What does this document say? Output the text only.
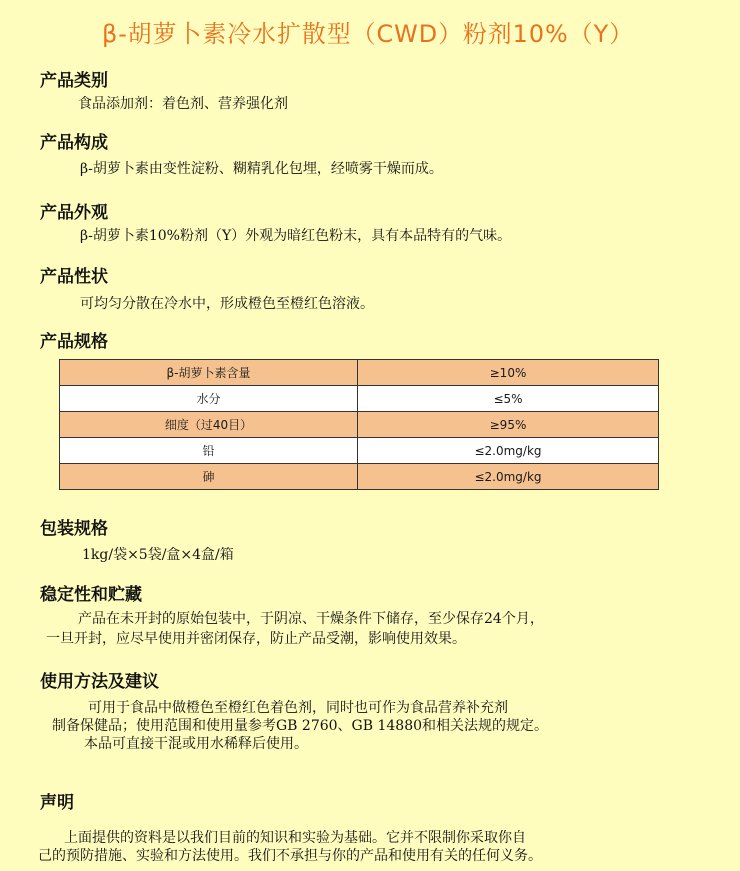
β-胡萝卜素冷水扩散型（CWD）粉剂10%（Y）
产品类别
食品添加剂：着色剂、营养强化剂
产品构成
β-胡萝卜素由变性淀粉、糊精乳化包埋，经喷雾干燥而成。
产品外观
β-胡萝卜素10%粉剂（Y）外观为暗红色粉末，具有本品特有的气味。
产品性状
可均匀分散在冷水中，形成橙色至橙红色溶液。
产品规格
β-胡萝卜素含量	≥10%
水分	≤5%
细度（过40目）	≥95%
铅	≤2.0mg/kg
砷	≤2.0mg/kg
包装规格
1kg/袋×5袋/盒×4盒/箱
稳定性和贮藏
产品在未开封的原始包装中，于阴凉、干燥条件下储存，至少保存24个月，
一旦开封，应尽早使用并密闭保存，防止产品受潮，影响使用效果。
使用方法及建议
可用于食品中做橙色至橙红色着色剂，同时也可作为食品营养补充剂
制备保健品；使用范围和使用量参考GB 2760、GB 14880和相关法规的规定。
本品可直接干混或用水稀释后使用。
声明
上面提供的资料是以我们目前的知识和实验为基础。它并不限制你采取你自
己的预防措施、实验和方法使用。我们不承担与你的产品和使用有关的任何义务。
